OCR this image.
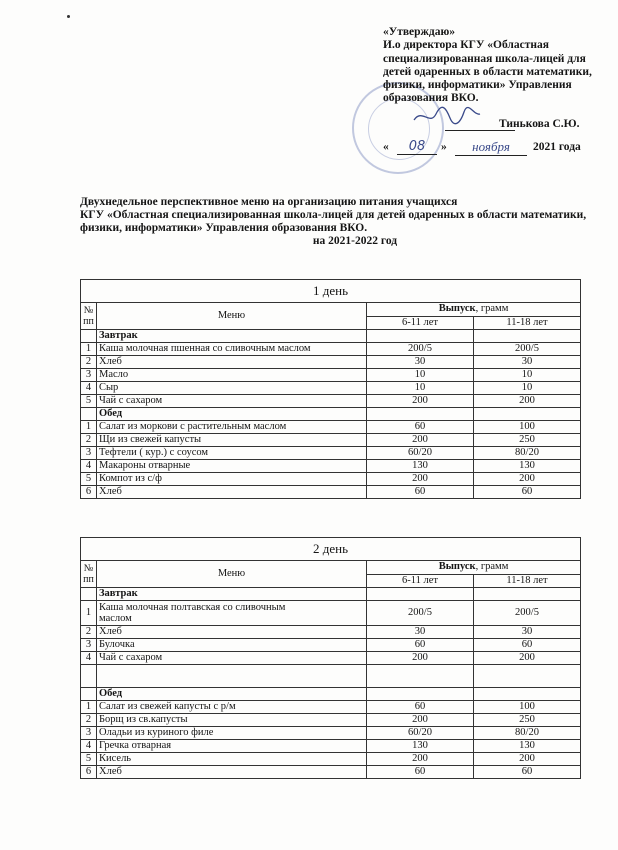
«Утверждаю»
И.о директора КГУ «Областная
специализированная школа-лицей для
детей одаренных в области математики,
физики, информатики» Управления
образования ВКО.
Тинькова С.Ю.
«	08	»	ноября	2021 года
Двухнедельное перспективное меню на организацию питания учащихся
КГУ «Областная специализированная школа-лицей для детей одаренных в области математики,
физики, информатики» Управления образования ВКО.
на 2021-2022 год
1 день			
№ пп	Меню	Выпуск, грамм	
		6-11 лет	11-18 лет
	Завтрак		
1	Каша молочная пшенная со сливочным маслом	200/5	200/5
2	Хлеб	30	30
3	Масло	10	10
4	Сыр	10	10
5	Чай с сахаром	200	200
	Обед		
1	Салат из моркови с растительным маслом	60	100
2	Щи из свежей капусты	200	250
3	Тефтели ( кур.) с соусом	60/20	80/20
4	Макароны отварные	130	130
5	Компот из с/ф	200	200
6	Хлеб	60	60
2 день			
№ пп	Меню	Выпуск, грамм	
		6-11 лет	11-18 лет
	Завтрак		
1	Каша молочная полтавская со сливочным маслом	200/5	200/5
2	Хлеб	30	30
3	Булочка	60	60
4	Чай с сахаром	200	200

	Обед		
1	Салат из свежей капусты с р/м	60	100
2	Борщ из св.капусты	200	250
3	Оладьи из куриного филе	60/20	80/20
4	Гречка отварная	130	130
5	Кисель	200	200
6	Хлеб	60	60
